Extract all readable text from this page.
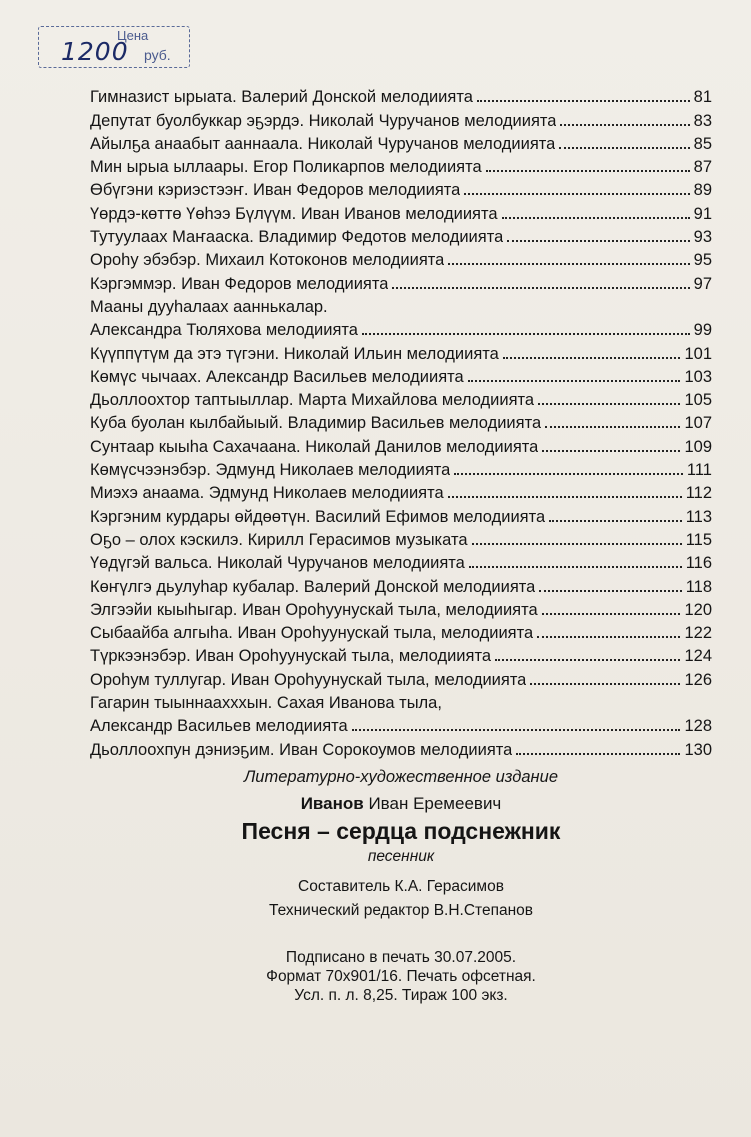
Цена
1200 руб.
Гимназист ырыата. Валерий Донской мелодиията	81
Депутат буолбуккар эҕэрдэ. Николай Чуручанов мелодиията	83
Айылҕа анаабыт ааннаала. Николай Чуручанов мелодиията	85
Мин ырыа ыллаары. Егор Поликарпов мелодиията	87
Өбүгэни кэриэстээҥ. Иван Федоров мелодиията	89
Үөрдэ-көттө Үөһээ Бүлүүм. Иван Иванов мелодиията	91
Тутуулаах Маҥааска. Владимир Федотов мелодиията	93
Ороһу эбэбэр. Михаил Котоконов мелодиията	95
Кэргэммэр. Иван Федоров мелодиията	97
Мааны дууһалаах ааннькалар.
Александра Тюляхова мелодиията	99
Күүппүтүм да этэ түгэни. Николай Ильин мелодиията	101
Көмүс чычаах. Александр Васильев мелодиията	103
Дьоллоохтор таптыыллар. Марта Михайлова мелодиията	105
Куба буолан кылбайыый. Владимир Васильев мелодиията	107
Сунтаар кыыһа Сахачаана. Николай Данилов мелодиията	109
Көмүсчээнэбэр. Эдмунд Николаев мелодиията	111
Миэхэ анаама. Эдмунд Николаев мелодиията	112
Кэргэним курдары өйдөөтүн. Василий Ефимов мелодиията	113
Оҕо – олох кэскилэ. Кирилл Герасимов музыката	115
Үөдүгэй вальса. Николай Чуручанов мелодиията	116
Көҥүлгэ дьулуһар кубалар. Валерий Донской мелодиията	118
Элгээйи кыыһыгар. Иван Ороһуунускай тыла, мелодиията	120
Сыбаайба алгыһа. Иван Ороһуунускай тыла, мелодиията	122
Түркээнэбэр. Иван Ороһуунускай тыла, мелодиията	124
Ороһум туллугар. Иван Ороһуунускай тыла, мелодиията	126
Гагарин тыыннаахххын. Сахая Иванова тыла,
Александр Васильев мелодиията	128
Дьоллоохпун дэниэҕим. Иван Сорокоумов мелодиията	130
Литературно-художественное издание
Иванов Иван Еремеевич
Песня – сердца подснежник
песенник
Составитель К.А. Герасимов
Технический редактор В.Н.Степанов
Подписано в печать 30.07.2005.
Формат 70х901/16. Печать офсетная.
Усл. п. л. 8,25. Тираж 100 экз.
